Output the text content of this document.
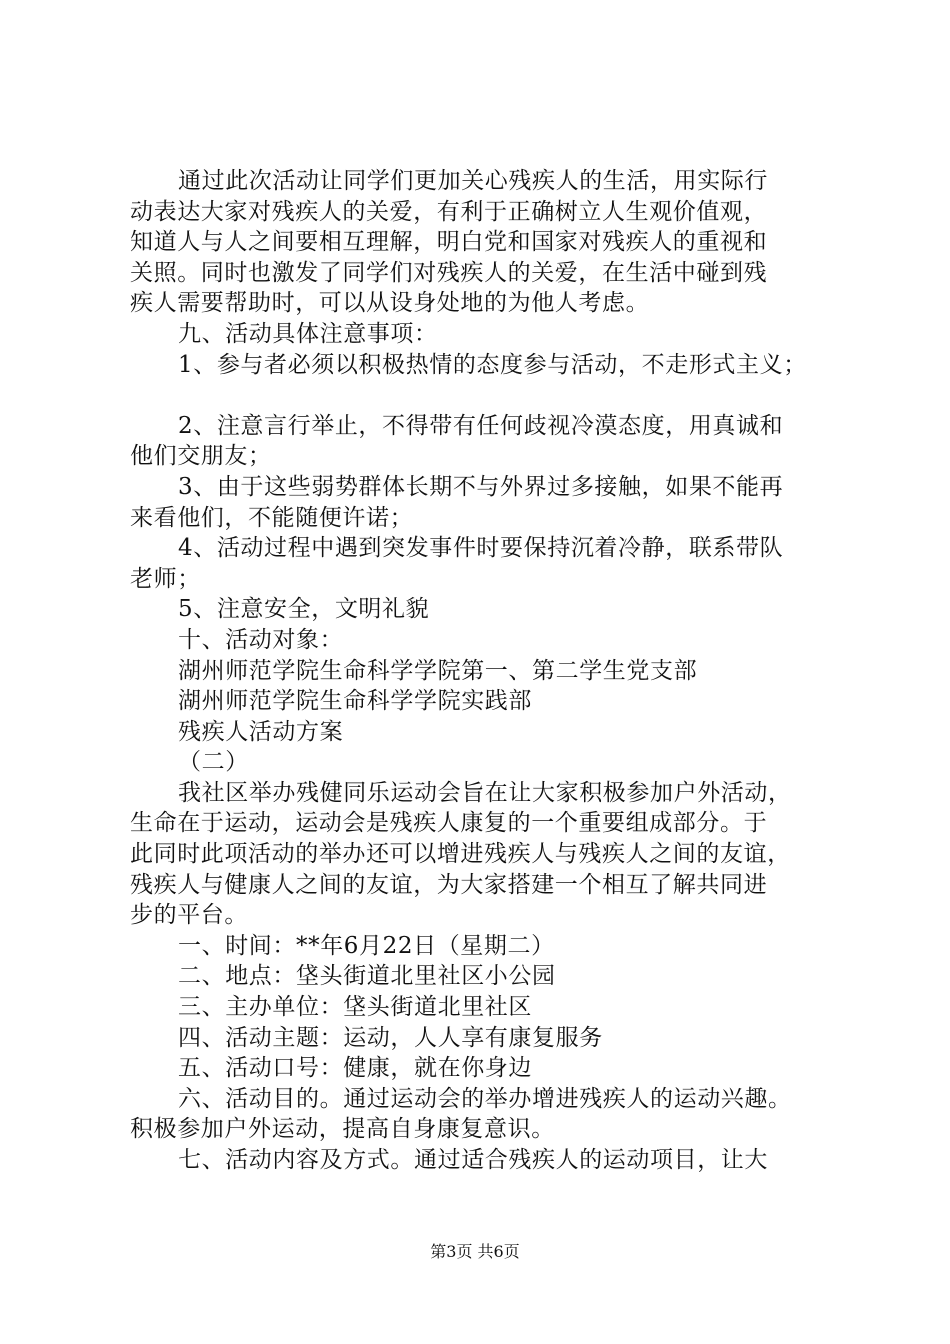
通过此次活动让同学们更加关心残疾人的生活，用实际行
动表达大家对残疾人的关爱，有利于正确树立人生观价值观，
知道人与人之间要相互理解，明白党和国家对残疾人的重视和
关照。同时也激发了同学们对残疾人的关爱，在生活中碰到残
疾人需要帮助时，可以从设身处地的为他人考虑。
九、活动具体注意事项：
1、参与者必须以积极热情的态度参与活动，不走形式主义；
2、注意言行举止，不得带有任何歧视冷漠态度，用真诚和
他们交朋友；
3、由于这些弱势群体长期不与外界过多接触，如果不能再
来看他们，不能随便许诺；
4、活动过程中遇到突发事件时要保持沉着冷静，联系带队
老师；
5、注意安全，文明礼貌
十、活动对象：
湖州师范学院生命科学学院第一、第二学生党支部
湖州师范学院生命科学学院实践部
残疾人活动方案
（二）
我社区举办残健同乐运动会旨在让大家积极参加户外活动，
生命在于运动，运动会是残疾人康复的一个重要组成部分。于
此同时此项活动的举办还可以增进残疾人与残疾人之间的友谊，
残疾人与健康人之间的友谊，为大家搭建一个相互了解共同进
步的平台。
一、时间：**年6月22日（星期二）
二、地点：垡头街道北里社区小公园
三、主办单位：垡头街道北里社区
四、活动主题：运动，人人享有康复服务
五、活动口号：健康，就在你身边
六、活动目的。通过运动会的举办增进残疾人的运动兴趣。
积极参加户外运动，提高自身康复意识。
七、活动内容及方式。通过适合残疾人的运动项目，让大
第3页 共6页
